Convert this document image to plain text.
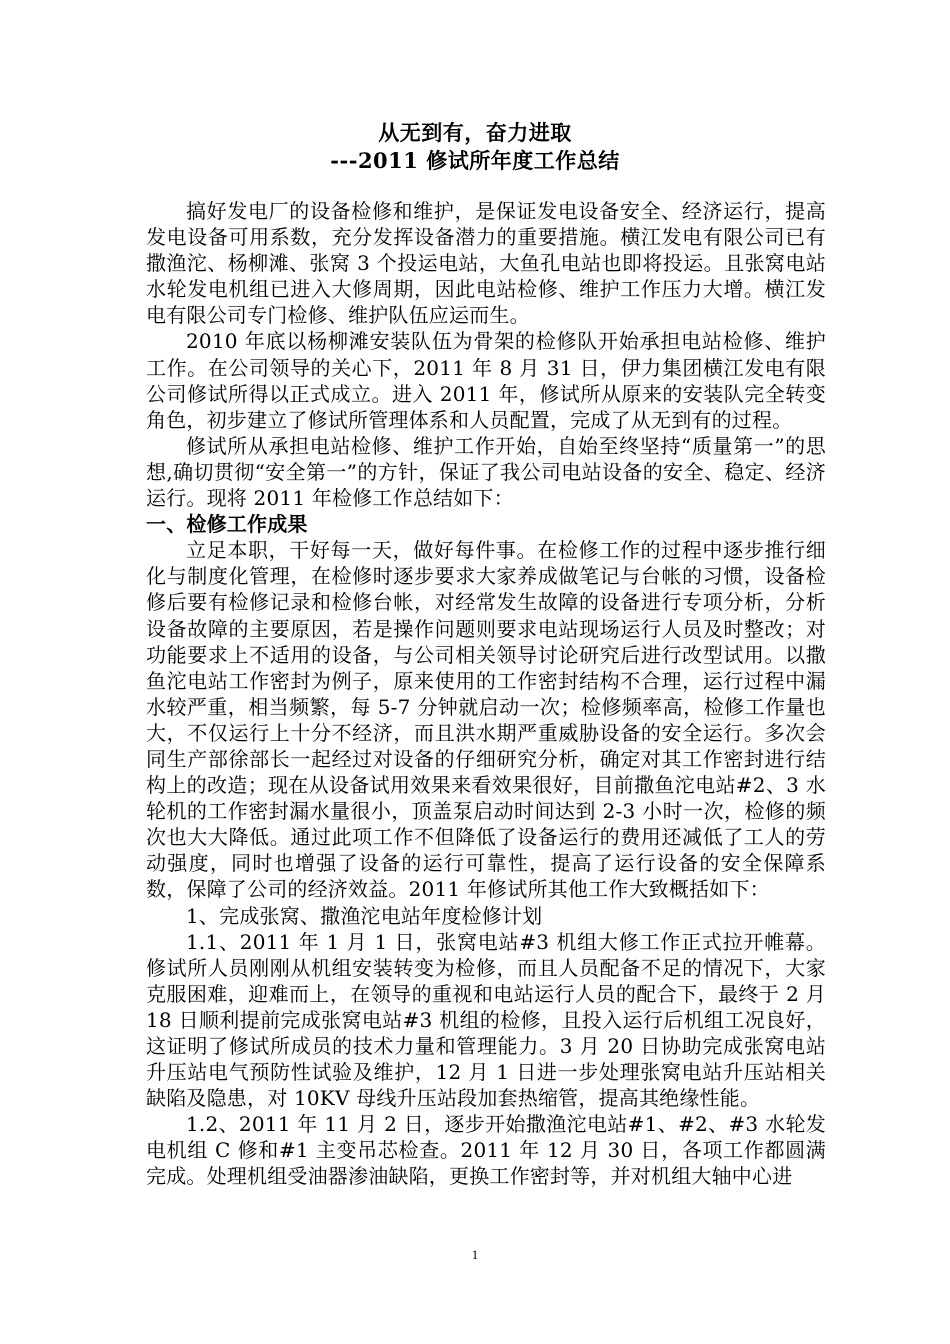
从无到有，奋力进取
---2011 修试所年度工作总结

搞好发电厂的设备检修和维护，是保证发电设备安全、经济运行，提高发电设备可用系数，充分发挥设备潜力的重要措施。横江发电有限公司已有撒渔沱、杨柳滩、张窝 3 个投运电站，大鱼孔电站也即将投运。且张窝电站水轮发电机组已进入大修周期，因此电站检修、维护工作压力大增。横江发电有限公司专门检修、维护队伍应运而生。

2010 年底以杨柳滩安装队伍为骨架的检修队开始承担电站检修、维护工作。在公司领导的关心下，2011 年 8 月 31 日，伊力集团横江发电有限公司修试所得以正式成立。进入 2011 年，修试所从原来的安装队完全转变角色，初步建立了修试所管理体系和人员配置，完成了从无到有的过程。

修试所从承担电站检修、维护工作开始，自始至终坚持“质量第一”的思想,确切贯彻“安全第一”的方针，保证了我公司电站设备的安全、稳定、经济运行。现将 2011 年检修工作总结如下：

一、检修工作成果

立足本职，干好每一天，做好每件事。在检修工作的过程中逐步推行细化与制度化管理，在检修时逐步要求大家养成做笔记与台帐的习惯，设备检修后要有检修记录和检修台帐，对经常发生故障的设备进行专项分析，分析设备故障的主要原因，若是操作问题则要求电站现场运行人员及时整改；对功能要求上不适用的设备，与公司相关领导讨论研究后进行改型试用。以撒鱼沱电站工作密封为例子，原来使用的工作密封结构不合理，运行过程中漏水较严重，相当频繁，每 5-7 分钟就启动一次；检修频率高，检修工作量也大，不仅运行上十分不经济，而且洪水期严重威胁设备的安全运行。多次会同生产部徐部长一起经过对设备的仔细研究分析，确定对其工作密封进行结构上的改造；现在从设备试用效果来看效果很好，目前撒鱼沱电站#2、3 水轮机的工作密封漏水量很小，顶盖泵启动时间达到 2-3 小时一次，检修的频次也大大降低。通过此项工作不但降低了设备运行的费用还减低了工人的劳动强度，同时也增强了设备的运行可靠性，提高了运行设备的安全保障系数，保障了公司的经济效益。2011 年修试所其他工作大致概括如下：

1、完成张窝、撒渔沱电站年度检修计划

1.1、2011 年 1 月 1 日，张窝电站#3 机组大修工作正式拉开帷幕。修试所人员刚刚从机组安装转变为检修，而且人员配备不足的情况下，大家克服困难，迎难而上，在领导的重视和电站运行人员的配合下，最终于 2 月 18 日顺利提前完成张窝电站#3 机组的检修，且投入运行后机组工况良好，这证明了修试所成员的技术力量和管理能力。3 月 20 日协助完成张窝电站升压站电气预防性试验及维护，12 月 1 日进一步处理张窝电站升压站相关缺陷及隐患，对 10KV 母线升压站段加套热缩管，提高其绝缘性能。

1.2、2011 年 11 月 2 日，逐步开始撒渔沱电站#1、#2、#3 水轮发电机组 C 修和#1 主变吊芯检查。2011 年 12 月 30 日，各项工作都圆满完成。处理机组受油器渗油缺陷，更换工作密封等，并对机组大轴中心进

1
